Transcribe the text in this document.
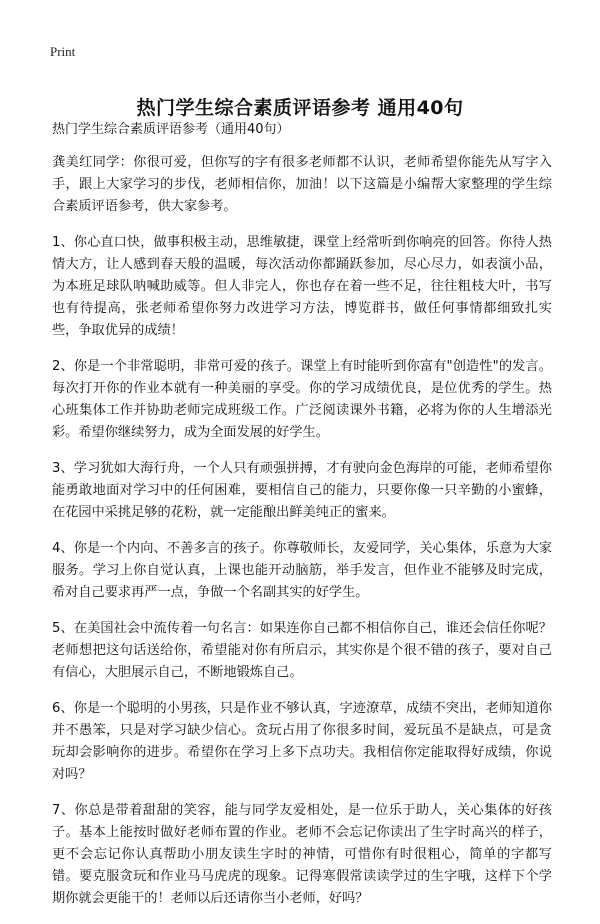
Print
热门学生综合素质评语参考 通用40句

热门学生综合素质评语参考（通用40句）

龚美红同学：你很可爱，但你写的字有很多老师都不认识，老师希望你能先从写字入手，跟上大家学习的步伐，老师相信你，加油！以下这篇是小编帮大家整理的学生综合素质评语参考，供大家参考。

1、你心直口快，做事积极主动，思维敏捷，课堂上经常听到你响亮的回答。你待人热情大方，让人感到春天般的温暖，每次活动你都踊跃参加，尽心尽力，如表演小品，为本班足球队呐喊助威等。但人非完人，你也存在着一些不足，往往粗枝大叶，书写也有待提高，张老师希望你努力改进学习方法，博览群书，做任何事情都细致扎实些，争取优异的成绩！

2、你是一个非常聪明，非常可爱的孩子。课堂上有时能听到你富有"创造性"的发言。每次打开你的作业本就有一种美丽的享受。你的学习成绩优良，是位优秀的学生。热心班集体工作并协助老师完成班级工作。广泛阅读课外书籍，必将为你的人生增添光彩。希望你继续努力，成为全面发展的好学生。

3、学习犹如大海行舟，一个人只有顽强拼搏，才有驶向金色海岸的可能，老师希望你能勇敢地面对学习中的任何困难，要相信自己的能力，只要你像一只辛勤的小蜜蜂，在花园中采挑足够的花粉，就一定能酿出鲜美纯正的蜜来。

4、你是一个内向、不善多言的孩子。你尊敬师长，友爱同学，关心集体，乐意为大家服务。学习上你自觉认真，上课也能开动脑筋，举手发言，但作业不能够及时完成，希对自己要求再严一点，争做一个名副其实的好学生。

5、在美国社会中流传着一句名言：如果连你自己都不相信你自己，谁还会信任你呢？老师想把这句话送给你，希望能对你有所启示，其实你是个很不错的孩子，要对自己有信心，大胆展示自己，不断地锻炼自己。

6、你是一个聪明的小男孩，只是作业不够认真，字迹潦草，成绩不突出，老师知道你并不愚笨，只是对学习缺少信心。贪玩占用了你很多时间，爱玩虽不是缺点，可是贪玩却会影响你的进步。希望你在学习上多下点功夫。我相信你定能取得好成绩，你说对吗？

7、你总是带着甜甜的笑容，能与同学友爱相处，是一位乐于助人，关心集体的好孩子。基本上能按时做好老师布置的作业。老师不会忘记你读出了生字时高兴的样子，更不会忘记你认真帮助小朋友读生字时的神情，可惜你有时很粗心，简单的字都写错。要克服贪玩和作业马马虎虎的现象。记得寒假常读读学过的生字哦，这样下个学期你就会更能干的！老师以后还请你当小老师，好吗？
